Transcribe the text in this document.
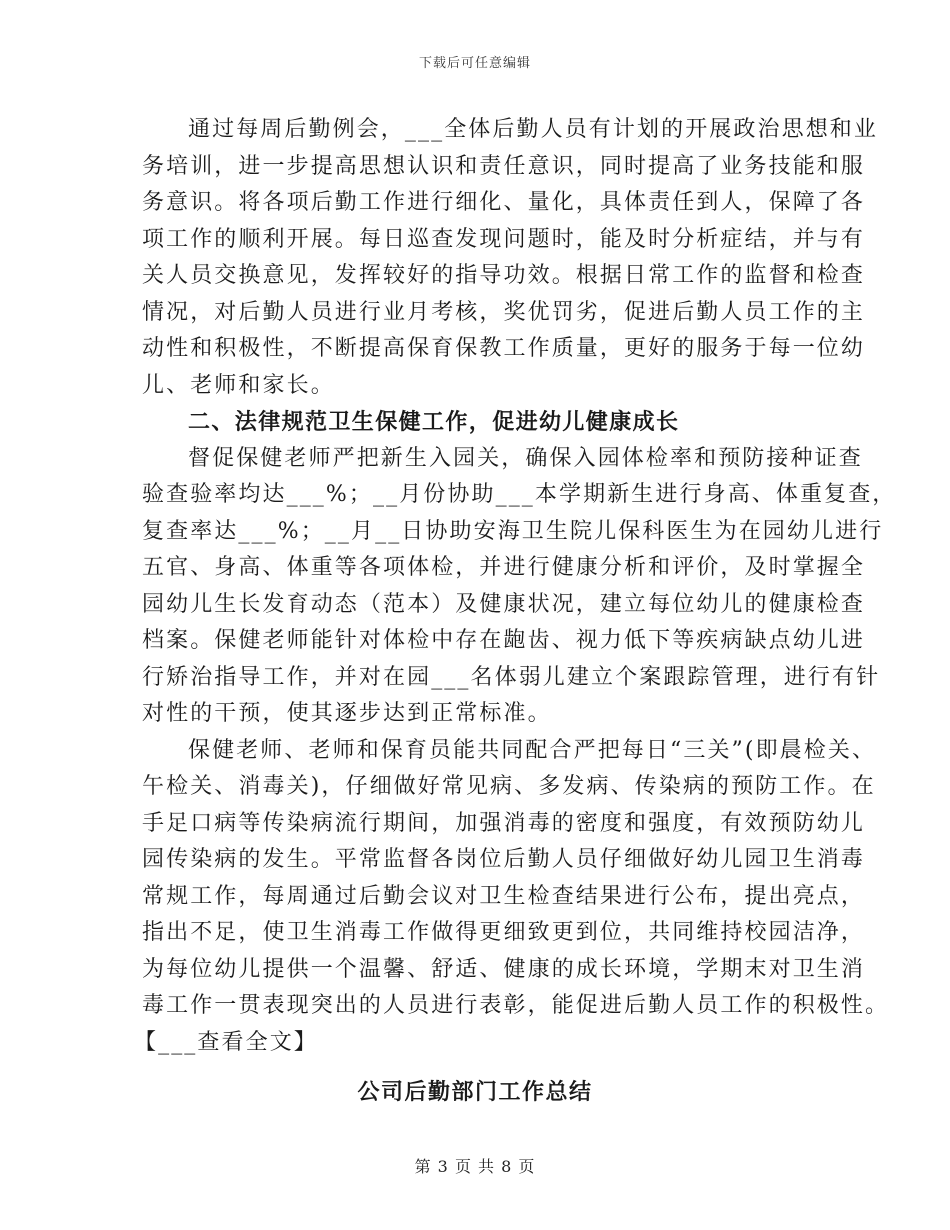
下载后可任意编辑
通过每周后勤例会，___全体后勤人员有计划的开展政治思想和业
务培训，进一步提高思想认识和责任意识，同时提高了业务技能和服
务意识。将各项后勤工作进行细化、量化，具体责任到人，保障了各
项工作的顺利开展。每日巡查发现问题时，能及时分析症结，并与有
关人员交换意见，发挥较好的指导功效。根据日常工作的监督和检查
情况，对后勤人员进行业月考核，奖优罚劣，促进后勤人员工作的主
动性和积极性，不断提高保育保教工作质量，更好的服务于每一位幼
儿、老师和家长。
二、法律规范卫生保健工作，促进幼儿健康成长
督促保健老师严把新生入园关，确保入园体检率和预防接种证查
验查验率均达___%；__月份协助___本学期新生进行身高、体重复查，
复查率达___%；__月__日协助安海卫生院儿保科医生为在园幼儿进行
五官、身高、体重等各项体检，并进行健康分析和评价，及时掌握全
园幼儿生长发育动态（范本）及健康状况，建立每位幼儿的健康检查
档案。保健老师能针对体检中存在龅齿、视力低下等疾病缺点幼儿进
行矫治指导工作，并对在园___名体弱儿建立个案跟踪管理，进行有针
对性的干预，使其逐步达到正常标准。
保健老师、老师和保育员能共同配合严把每日“三关”(即晨检关、
午检关、消毒关)，仔细做好常见病、多发病、传染病的预防工作。在
手足口病等传染病流行期间，加强消毒的密度和强度，有效预防幼儿
园传染病的发生。平常监督各岗位后勤人员仔细做好幼儿园卫生消毒
常规工作，每周通过后勤会议对卫生检查结果进行公布，提出亮点，
指出不足，使卫生消毒工作做得更细致更到位，共同维持校园洁净，
为每位幼儿提供一个温馨、舒适、健康的成长环境，学期末对卫生消
毒工作一贯表现突出的人员进行表彰，能促进后勤人员工作的积极性。
【___查看全文】
公司后勤部门工作总结
第 3 页 共 8 页
